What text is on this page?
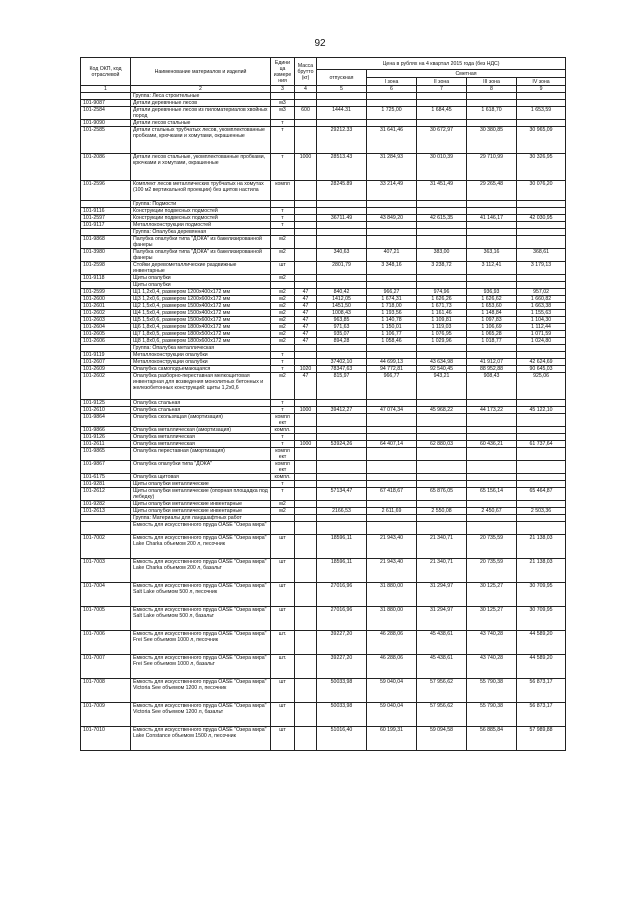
92
Код ОКП, код отраслевой	Наименование материалов и изделий	Едини ца измере ния	Масса брутто (кг)	Цена в рублях на 4 квартал 2015 года (без НДС)				
				отпускная	Сметная			
					I зона	II зона	III зона	IV зона
1	2	3	4	5	6	7	8	9
	Группа: Леса строительные							
101-9087	Детали деревянные лесов	м3						
101-2584	Детали деревянные лесов из пиломатериалов хвойных пород	м3	600	1444.31	1 725,00	1 684,45	1 618,70	1 653,59
101-9090	Детали лесов стальные	т						
101-2585	Детали стальных трубчатых лесов, укомплектованные пробками, крючками и хомутами, окрашенные	т		29212.33	31 641,46	30 672,97	30 380,85	30 965,09
101-2086	Детали лесов стальные, укомплектованные пробками, крючками и хомутами, окрашенные	т	1000	28513.43	31 284,93	30 010,39	29 710,99	30 326,95
101-2596	Комплект лесов металлических трубчатых на хомутах (100 м2 вертикальной проекции) без щитов настила	компл		28245.89	33 214,49	31 451,49	29 265,48	30 076,20
	Группа: Подмости							
101-9116	Конструкции подвесных подмостей	т						
101-2597	Конструкции подвесных подмостей	т		36711.49	43 849,20	42 615,35	41 146,17	42 030,95
101-9117	Металлоконструкции подмостей	т						
	Группа: Опалубка деревянная							
101-9868	Палубка опалубки типа "ДОКА" из бакелизированной фанеры	м2						
101-3980	Палубка опалубки типа "ДОКА" из бакелизированной фанеры	м2		340,63	407,21	383,00	363,16	368,61
101-2598	Стойки деревометаллические раздвижные инвентарные	шт		2801,79	3 348,16	3 238,72	3 112,41	3 179,13
101-9118	Щиты опалубки	м2						
	Щиты опалубки							
101-2599	Щ1 1,2х0,4, размером 1200х400х172 мм	м2	47	840,42	966,27	974,96	936,93	957,02
101-2600	Щ3 1,2х0,6, размером 1200х600х172 мм	м2	47	1412,05	1 674,31	1 626,26	1 626,62	1 660,82
101-2601	Щ2 1,5х0,4, размером 1500х400х172 мм	м2	47	1451,50	1 718,00	1 671,73	1 653,60	1 663,38
101-2602	Щ4 1,5х0,4, размером 1500х400х172 мм	м2	47	1008,43	1 193,56	1 161,46	1 148,84	1 155,63
101-2603	Щ5 1,5х0,6, размером 1500х600х172 мм	м2	47	963,85	1 140,78	1 109,81	1 097,83	1 104,30
101-2604	Щ6 1,8х0,4, размером 1800х400х172 мм	м2	47	971,63	1 150,01	1 119,03	1 106,69	1 112,44
101-2605	Щ7 1,8х0,5, размером 1800х500х172 мм	м2	47	935,07	1 106,77	1 076,95	1 065,28	1 071,59
101-2606	Щ8 1,8х0,6, размером 1800х600х172 мм	м2	47	894,28	1 058,46	1 029,96	1 018,77	1 024,80
	Группа: Опалубка металлическая							
101-9119	Металлоконструкции опалубки	т						
101-2607	Металлоконструкции опалубки	т		37402,10	44 699,13	43 634,98	41 912,07	42 624,69
101-2609	Опалубка самоподъемающаяся	т	1020	78347,63	94 772,81	92 540,45	88 952,88	90 645,03
101-2602	Опалубка разборно-переставная мелкощитовая инвентарная для возведения монолитных бетонных и железобетонных конструкций: щиты 1,2х0,6	м2	47	815,97	966,77	943,21	908,43	925,06
101-9125	Опалубка стальная	т						
101-2610	Опалубка стальная	т	1000	39412,27	47 074,34	45 968,22	44 173,22	45 122,10
101-9864	Опалубка скользящая (амортизация)	компл ект						
101-9866	Опалубка металлическая (амортизация)	компл.						
101-9126	Опалубка металлическая	т						
101-2611	Опалубка металлическая	т	1000	53924,26	64 407,14	62 880,03	60 436,21	61 737,64
101-9865	Опалубка переставная (амортизация)	компл ект						
101-9867	Опалубка опалубки типа "ДОКА"	компл ект						
101-6175	Опалубка щитовая	компл.						
101-9281	Щиты опалубки металлические	т						
101-2612	Щиты опалубки металлические (опорная площадка под лебедку)	т		57134,47	67 418,67	65 876,05	65 156,14	65 464,87
101-9282	Щиты опалубки металлические инвентарные	м2						
101-2613	Щиты опалубки металлические инвентарные	м2		2166,53	2 611,69	2 550,08	2 450,67	2 503,36
	Группа: Материалы для ландшафтных работ							
	Емкость для искусственного пруда OASE "Озера мира"							
101-7002	Емкость для искусственного пруда OASE "Озера мира" Lake Charka объемом 200 л, песочник	шт		18596,11	21 943,40	21 340,71	20 735,59	21 138,03
101-7003	Емкость для искусственного пруда OASE "Озера мира" Lake Charka объемом 200 л, базальт	шт		18596,11	21 943,40	21 340,71	20 735,59	21 138,03
101-7004	Емкость для искусственного пруда OASE "Озера мира" Salt Lake объемом 500 л, песочник	шт		27016,96	31 880,00	31 294,97	30 125,27	30 709,95
101-7005	Емкость для искусственного пруда OASE "Озера мира" Salt Lake объемом 500 л, базальт	шт		27016,96	31 880,00	31 294,97	30 125,27	30 709,95
101-7006	Емкость для искусственного пруда OASE "Озера мира" Frei See объемом 1000 л, песочник	шт.		39227,20	46 288,06	45 438,61	43 740,28	44 589,20
101-7007	Емкость для искусственного пруда OASE "Озера мира" Frei See объемом 1000 л, базальт	шт.		39227,20	46 288,06	45 438,61	43 740,28	44 589,20
101-7008	Емкость для искусственного пруда OASE "Озера мира" Victoria See объемом 1200 л, песочник	шт		50033,98	59 040,04	57 956,62	55 790,38	56 873,17
101-7009	Емкость для искусственного пруда OASE "Озера мира" Victoria See объемом 1200 л, базальт	шт		50033,98	59 040,04	57 956,62	55 790,38	56 873,17
101-7010	Емкость для искусственного пруда OASE "Озера мира" Lake Constance объемом 1500 л, песочник	шт		51016,40	60 199,31	59 094,58	56 885,84	57 989,88
